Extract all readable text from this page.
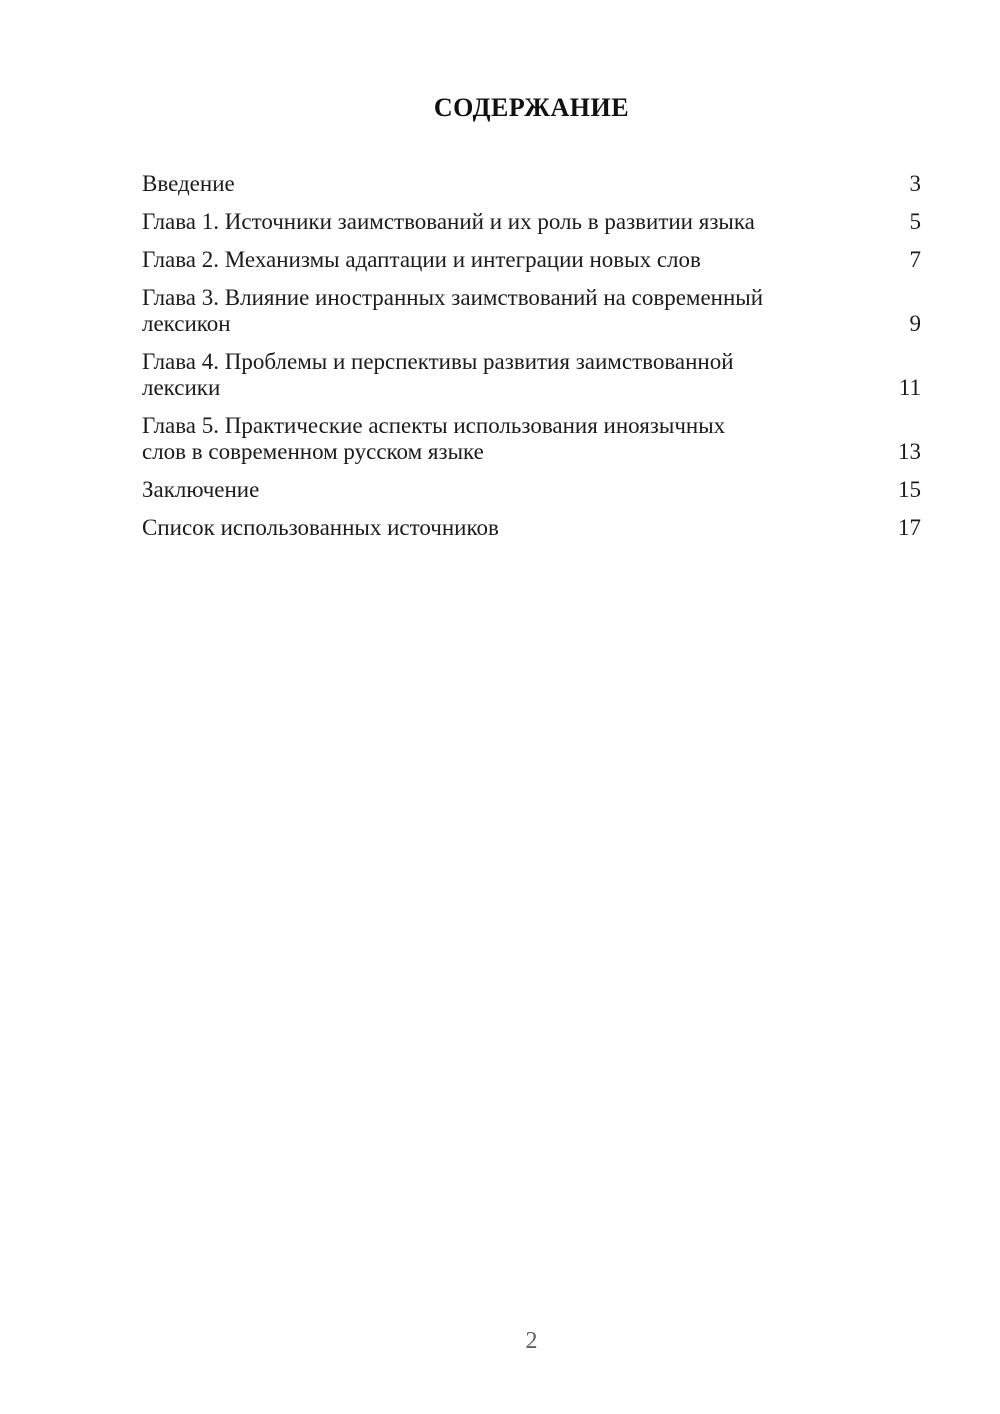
СОДЕРЖАНИЕ
Введение	3
Глава 1. Источники заимствований и их роль в развитии языка	5
Глава 2. Механизмы адаптации и интеграции новых слов	7
Глава 3. Влияние иностранных заимствований на современный
лексикон	9
Глава 4. Проблемы и перспективы развития заимствованной
лексики	11
Глава 5. Практические аспекты использования иноязычных
слов в современном русском языке	13
Заключение	15
Список использованных источников	17
2
